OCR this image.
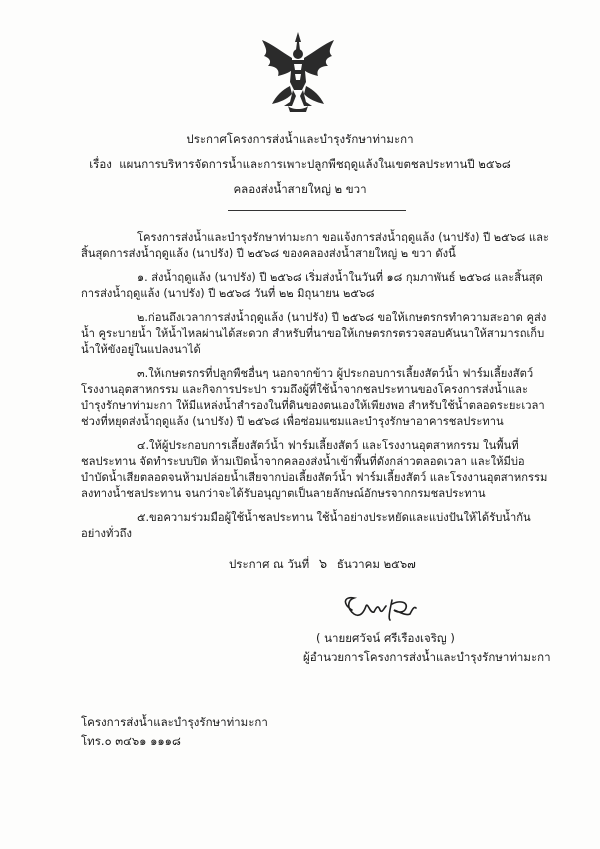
ประกาศโครงการส่งน้ำและบำรุงรักษาท่ามะกา
เรื่อง แผนการบริหารจัดการน้ำและการเพาะปลูกพืชฤดูแล้งในเขตชลประทานปี ๒๕๖๘
คลองส่งน้ำสายใหญ่ ๒ ขวา

โครงการส่งน้ำและบำรุงรักษาท่ามะกา ขอแจ้งการส่งน้ำฤดูแล้ง (นาปรัง) ปี ๒๕๖๘ และสิ้นสุดการส่งน้ำฤดูแล้ง (นาปรัง) ปี ๒๕๖๘ ของคลองส่งน้ำสายใหญ่ ๒ ขวา ดังนี้

๑. ส่งน้ำฤดูแล้ง (นาปรัง) ปี ๒๕๖๘ เริ่มส่งน้ำในวันที่ ๑๘ กุมภาพันธ์ ๒๕๖๘ และสิ้นสุดการส่งน้ำฤดูแล้ง (นาปรัง) ปี ๒๕๖๘ วันที่ ๒๒ มิถุนายน ๒๕๖๘

๒.ก่อนถึงเวลาการส่งน้ำฤดูแล้ง (นาปรัง) ปี ๒๕๖๘ ขอให้เกษตรกรทำความสะอาด คูส่งน้ำ คูระบายน้ำ ให้น้ำไหลผ่านได้สะดวก สำหรับที่นาขอให้เกษตรกรตรวจสอบคันนาให้สามารถเก็บน้ำให้ขังอยู่ในแปลงนาได้

๓.ให้เกษตรกรที่ปลูกพืชอื่นๆ นอกจากข้าว ผู้ประกอบการเลี้ยงสัตว์น้ำ ฟาร์มเลี้ยงสัตว์ โรงงานอุตสาหกรรม และกิจการประปา รวมถึงผู้ที่ใช้น้ำจากชลประทานของโครงการส่งน้ำและบำรุงรักษาท่ามะกา ให้มีแหล่งน้ำสำรองในที่ดินของตนเองให้เพียงพอ สำหรับใช้น้ำตลอดระยะเวลาช่วงที่หยุดส่งน้ำฤดูแล้ง (นาปรัง) ปี ๒๕๖๘ เพื่อซ่อมแซมและบำรุงรักษาอาคารชลประทาน

๔.ให้ผู้ประกอบการเลี้ยงสัตว์น้ำ ฟาร์มเลี้ยงสัตว์ และโรงงานอุตสาหกรรม ในพื้นที่ชลประทาน จัดทำระบบปิด ห้ามเปิดน้ำจากคลองส่งน้ำเข้าพื้นที่ดังกล่าวตลอดเวลา และให้มีบ่อบำบัดน้ำเสียตลอดจนห้ามปล่อยน้ำเสียจากบ่อเลี้ยงสัตว์น้ำ ฟาร์มเลี้ยงสัตว์ และโรงงานอุตสาหกรรมลงทางน้ำชลประทาน จนกว่าจะได้รับอนุญาตเป็นลายลักษณ์อักษรจากกรมชลประทาน

๕.ขอความร่วมมือผู้ใช้น้ำชลประทาน ใช้น้ำอย่างประหยัดและแบ่งปันให้ได้รับน้ำกันอย่างทั่วถึง

ประกาศ ณ วันที่ ๖ ธันวาคม ๒๕๖๗
( นายยศวัจน์ ศรีเรืองเจริญ )
ผู้อำนวยการโครงการส่งน้ำและบำรุงรักษาท่ามะกา
โครงการส่งน้ำและบำรุงรักษาท่ามะกา
โทร.๐ ๓๔๖๑ ๑๑๑๘
